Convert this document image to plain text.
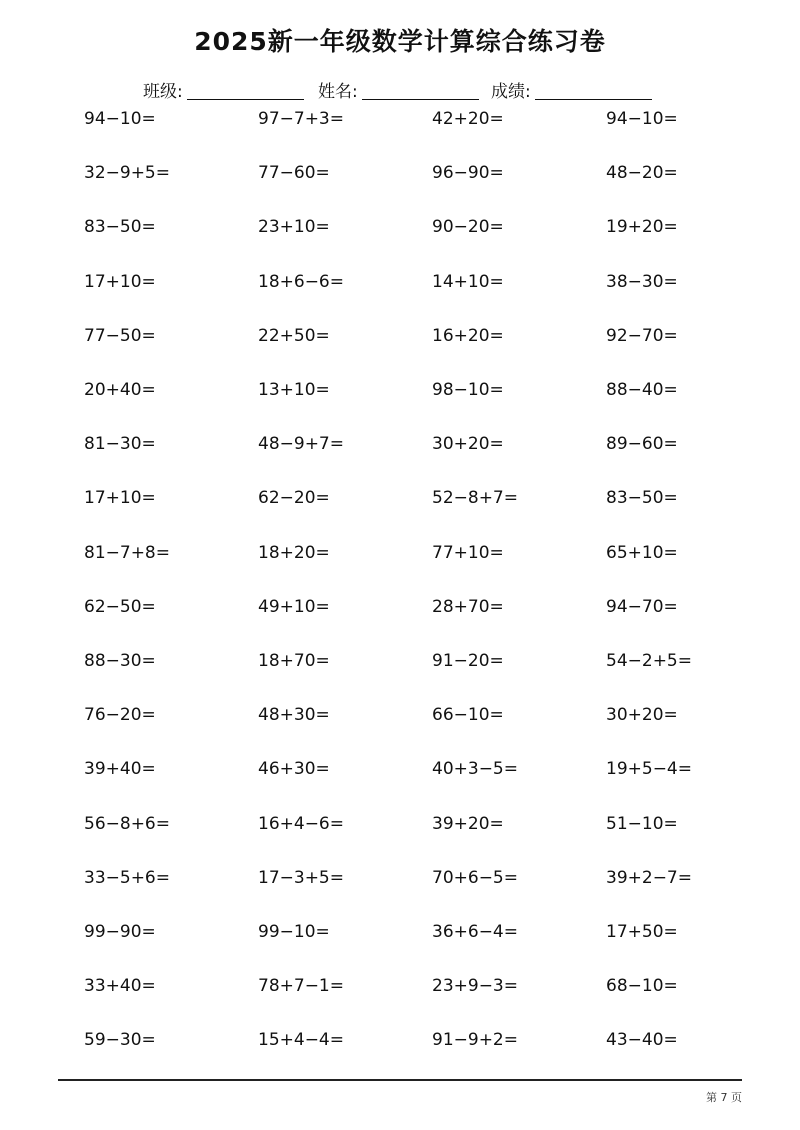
2025新一年级数学计算综合练习卷
班级:	姓名:	成绩:
94−10=	97−7+3=	42+20=	94−10=
32−9+5=	77−60=	96−90=	48−20=
83−50=	23+10=	90−20=	19+20=
17+10=	18+6−6=	14+10=	38−30=
77−50=	22+50=	16+20=	92−70=
20+40=	13+10=	98−10=	88−40=
81−30=	48−9+7=	30+20=	89−60=
17+10=	62−20=	52−8+7=	83−50=
81−7+8=	18+20=	77+10=	65+10=
62−50=	49+10=	28+70=	94−70=
88−30=	18+70=	91−20=	54−2+5=
76−20=	48+30=	66−10=	30+20=
39+40=	46+30=	40+3−5=	19+5−4=
56−8+6=	16+4−6=	39+20=	51−10=
33−5+6=	17−3+5=	70+6−5=	39+2−7=
99−90=	99−10=	36+6−4=	17+50=
33+40=	78+7−1=	23+9−3=	68−10=
59−30=	15+4−4=	91−9+2=	43−40=
第 7 页
